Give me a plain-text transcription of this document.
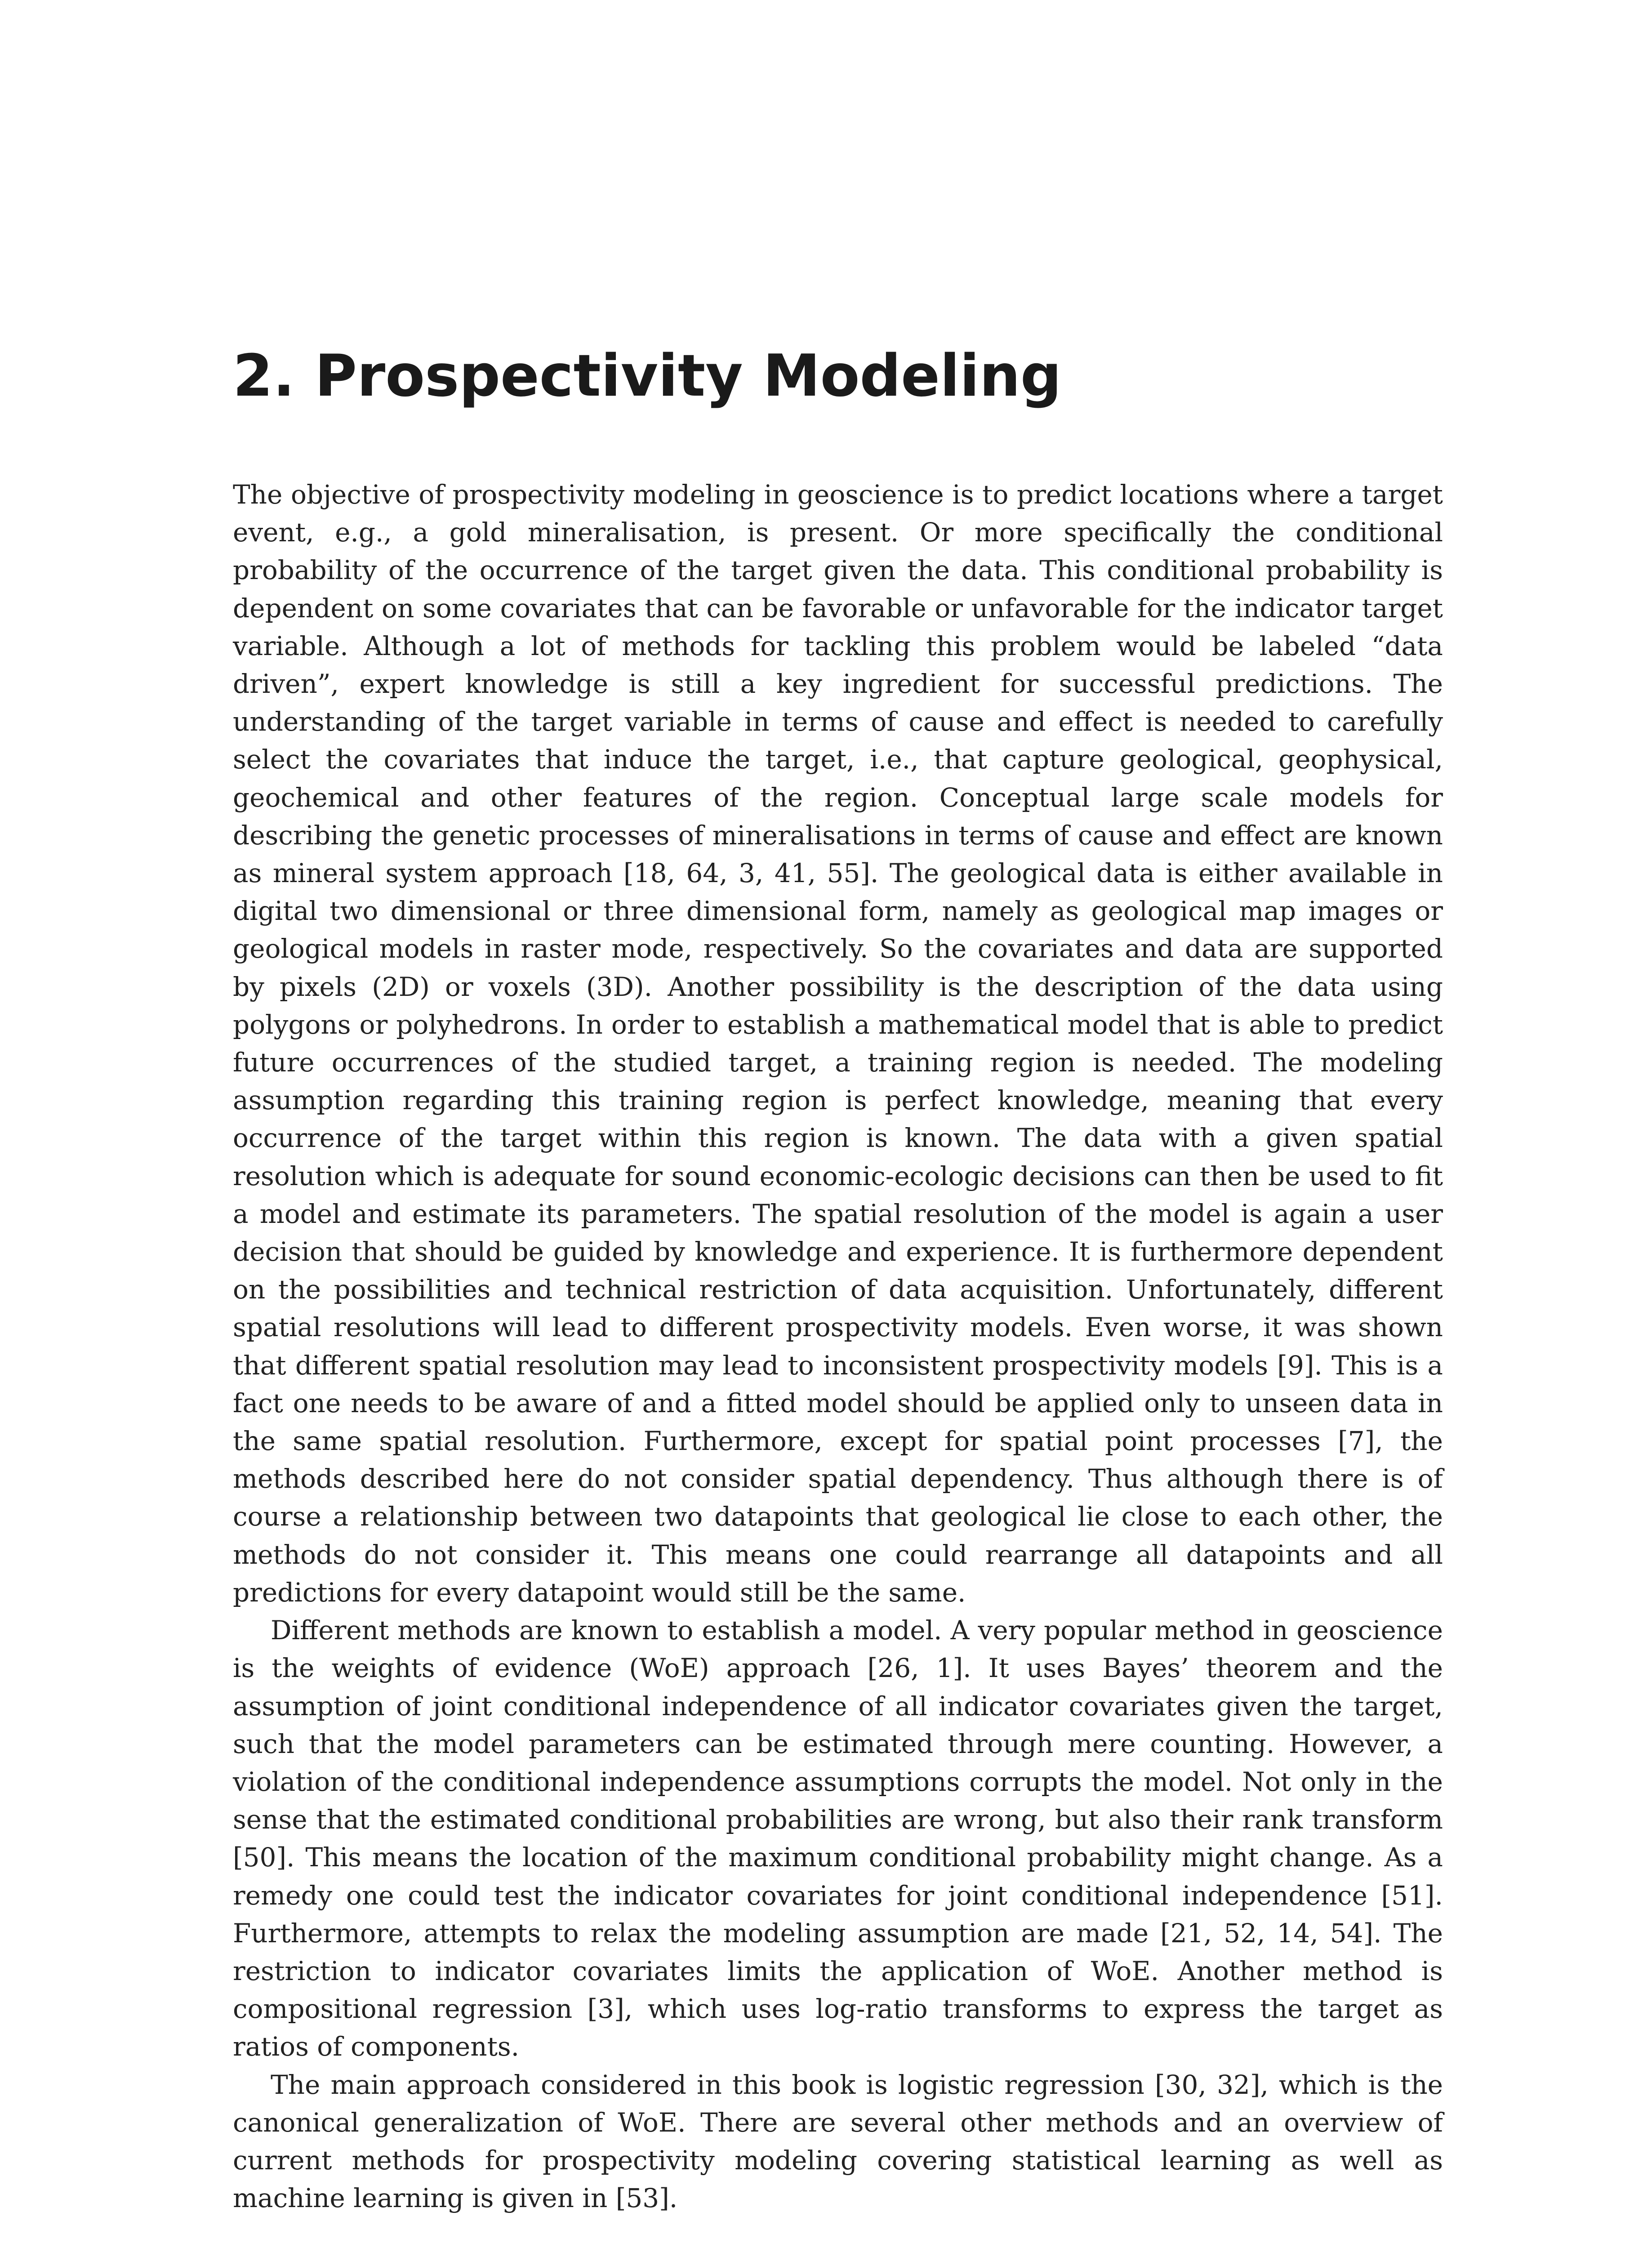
2. Prospectivity Modeling

The objective of prospectivity modeling in geoscience is to predict locations where a target event, e.g., a gold mineralisation, is present. Or more specifically the conditional probability of the occurrence of the target given the data. This conditional probability is dependent on some covariates that can be favorable or unfavorable for the indicator target variable. Although a lot of methods for tackling this problem would be labeled “data driven”, expert knowledge is still a key ingredient for successful predictions. The understanding of the target variable in terms of cause and effect is needed to carefully select the covariates that induce the target, i.e., that capture geological, geophysical, geochemical and other features of the region. Conceptual large scale models for describing the genetic processes of mineralisations in terms of cause and effect are known as mineral system approach [18, 64, 3, 41, 55]. The geological data is either available in digital two dimensional or three dimensional form, namely as geological map images or geological models in raster mode, respectively. So the covariates and data are supported by pixels (2D) or voxels (3D). Another possibility is the description of the data using polygons or polyhedrons. In order to establish a mathematical model that is able to predict future occurrences of the studied target, a training region is needed. The modeling assumption regarding this training region is perfect knowledge, meaning that every occurrence of the target within this region is known. The data with a given spatial resolution which is adequate for sound economic-ecologic decisions can then be used to fit a model and estimate its parameters. The spatial resolution of the model is again a user decision that should be guided by knowledge and experience. It is furthermore dependent on the possibilities and technical restriction of data acquisition. Unfortunately, different spatial resolutions will lead to different prospectivity models. Even worse, it was shown that different spatial resolution may lead to inconsistent prospectivity models [9]. This is a fact one needs to be aware of and a fitted model should be applied only to unseen data in the same spatial resolution. Furthermore, except for spatial point processes [7], the methods described here do not consider spatial dependency. Thus although there is of course a relationship between two datapoints that geological lie close to each other, the methods do not consider it. This means one could rearrange all datapoints and all predictions for every datapoint would still be the same.

Different methods are known to establish a model. A very popular method in geoscience is the weights of evidence (WoE) approach [26, 1]. It uses Bayes’ theorem and the assumption of joint conditional independence of all indicator covariates given the target, such that the model parameters can be estimated through mere counting. However, a violation of the conditional independence assumptions corrupts the model. Not only in the sense that the estimated conditional probabilities are wrong, but also their rank transform [50]. This means the location of the maximum conditional probability might change. As a remedy one could test the indicator covariates for joint conditional independence [51]. Furthermore, attempts to relax the modeling assumption are made [21, 52, 14, 54]. The restriction to indicator covariates limits the application of WoE. Another method is compositional regression [3], which uses log-ratio transforms to express the target as ratios of components.

The main approach considered in this book is logistic regression [30, 32], which is the canonical generalization of WoE. There are several other methods and an overview of current methods for prospectivity modeling covering statistical learning as well as machine learning is given in [53].
